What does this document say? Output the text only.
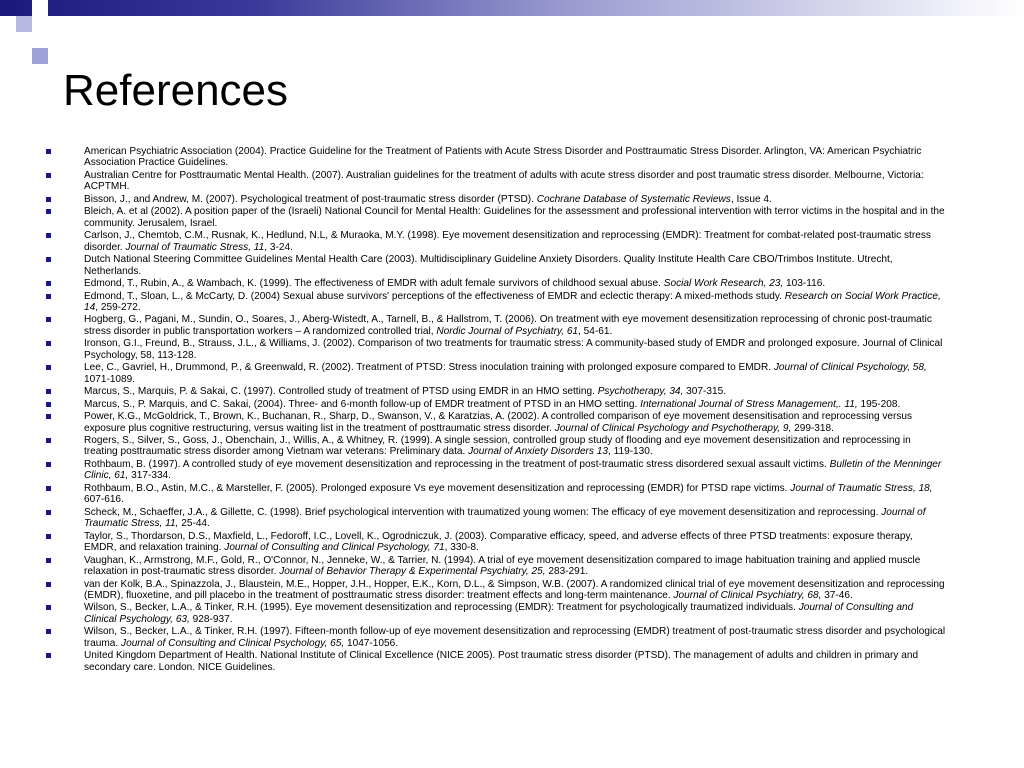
References
American Psychiatric Association (2004). Practice Guideline for the Treatment of Patients with Acute Stress Disorder and Posttraumatic Stress Disorder. Arlington, VA: American Psychiatric Association Practice Guidelines.
Australian Centre for Posttraumatic Mental Health. (2007). Australian guidelines for the treatment of adults with acute stress disorder and post traumatic stress disorder. Melbourne, Victoria: ACPTMH.
Bisson, J., and Andrew, M. (2007). Psychological treatment of post-traumatic stress disorder (PTSD). Cochrane Database of Systematic Reviews, Issue 4.
Bleich, A. et al (2002). A position paper of the (Israeli) National Council for Mental Health: Guidelines for the assessment and professional intervention with terror victims in the hospital and in the community. Jerusalem, Israel.
Carlson, J., Chemtob, C.M., Rusnak, K., Hedlund, N.L, & Muraoka, M.Y. (1998). Eye movement desensitization and reprocessing (EMDR): Treatment for combat-related post-traumatic stress disorder. Journal of Traumatic Stress, 11, 3-24.
Dutch National Steering Committee Guidelines Mental Health Care (2003). Multidisciplinary Guideline Anxiety Disorders. Quality Institute Health Care CBO/Trimbos Institute. Utrecht, Netherlands.
Edmond, T., Rubin, A., & Wambach, K. (1999). The effectiveness of EMDR with adult female survivors of childhood sexual abuse. Social Work Research, 23, 103-116.
Edmond, T., Sloan, L., & McCarty, D. (2004) Sexual abuse survivors' perceptions of the effectiveness of EMDR and eclectic therapy: A mixed-methods study. Research on Social Work Practice, 14, 259-272.
Hogberg, G., Pagani, M., Sundin, O., Soares, J., Aberg-Wistedt, A., Tarnell, B., & Hallstrom, T. (2006). On treatment with eye movement desensitization reprocessing of chronic post-traumatic stress disorder in public transportation workers – A randomized controlled trial, Nordic Journal of Psychiatry, 61, 54-61.
Ironson, G.I., Freund, B., Strauss, J.L., & Williams, J. (2002). Comparison of two treatments for traumatic stress: A community-based study of EMDR and prolonged exposure. Journal of Clinical Psychology, 58, 113-128.
Lee, C., Gavriel, H., Drummond, P., & Greenwald, R. (2002). Treatment of PTSD: Stress inoculation training with prolonged exposure compared to EMDR. Journal of Clinical Psychology, 58, 1071-1089.
Marcus, S., Marquis, P. & Sakai, C. (1997). Controlled study of treatment of PTSD using EMDR in an HMO setting. Psychotherapy, 34, 307-315.
Marcus, S., P. Marquis, and C. Sakai, (2004). Three- and 6-month follow-up of EMDR treatment of PTSD in an HMO setting. International Journal of Stress Management,. 11, 195-208.
Power, K.G., McGoldrick, T., Brown, K., Buchanan, R., Sharp, D., Swanson, V., & Karatzias, A. (2002). A controlled comparison of eye movement desensitisation and reprocessing versus exposure plus cognitive restructuring, versus waiting list in the treatment of posttraumatic stress disorder. Journal of Clinical Psychology and Psychotherapy, 9, 299-318.
Rogers, S., Silver, S., Goss, J., Obenchain, J., Willis, A., & Whitney, R. (1999). A single session, controlled group study of flooding and eye movement desensitization and reprocessing in treating posttraumatic stress disorder among Vietnam war veterans: Preliminary data. Journal of Anxiety Disorders 13, 119-130.
Rothbaum, B. (1997). A controlled study of eye movement desensitization and reprocessing in the treatment of post-traumatic stress disordered sexual assault victims. Bulletin of the Menninger Clinic, 61, 317-334.
Rothbaum, B.O., Astin, M.C., & Marsteller, F. (2005). Prolonged exposure Vs eye movement desensitization and reprocessing (EMDR) for PTSD rape victims. Journal of Traumatic Stress, 18, 607-616.
Scheck, M., Schaeffer, J.A., & Gillette, C. (1998). Brief psychological intervention with traumatized young women: The efficacy of eye movement desensitization and reprocessing. Journal of Traumatic Stress, 11, 25-44.
Taylor, S., Thordarson, D.S., Maxfield, L., Fedoroff, I.C., Lovell, K., Ogrodniczuk, J. (2003). Comparative efficacy, speed, and adverse effects of three PTSD treatments: exposure therapy, EMDR, and relaxation training. Journal of Consulting and Clinical Psychology, 71, 330-8.
Vaughan, K., Armstrong, M.F., Gold, R., O'Connor, N., Jenneke, W., & Tarrier, N. (1994). A trial of eye movement desensitization compared to image habituation training and applied muscle relaxation in post-traumatic stress disorder. Journal of Behavior Therapy & Experimental Psychiatry, 25, 283-291.
van der Kolk, B.A., Spinazzola, J., Blaustein, M.E., Hopper, J.H., Hopper, E.K., Korn, D.L., & Simpson, W.B. (2007). A randomized clinical trial of eye movement desensitization and reprocessing (EMDR), fluoxetine, and pill placebo in the treatment of posttraumatic stress disorder: treatment effects and long-term maintenance. Journal of Clinical Psychiatry, 68, 37-46.
Wilson, S., Becker, L.A., & Tinker, R.H. (1995). Eye movement desensitization and reprocessing (EMDR): Treatment for psychologically traumatized individuals. Journal of Consulting and Clinical Psychology, 63, 928-937.
Wilson, S., Becker, L.A., & Tinker, R.H. (1997). Fifteen-month follow-up of eye movement desensitization and reprocessing (EMDR) treatment of post-traumatic stress disorder and psychological trauma. Journal of Consulting and Clinical Psychology, 65, 1047-1056.
United Kingdom Department of Health. National Institute of Clinical Excellence (NICE 2005). Post traumatic stress disorder (PTSD). The management of adults and children in primary and secondary care. London. NICE Guidelines.
